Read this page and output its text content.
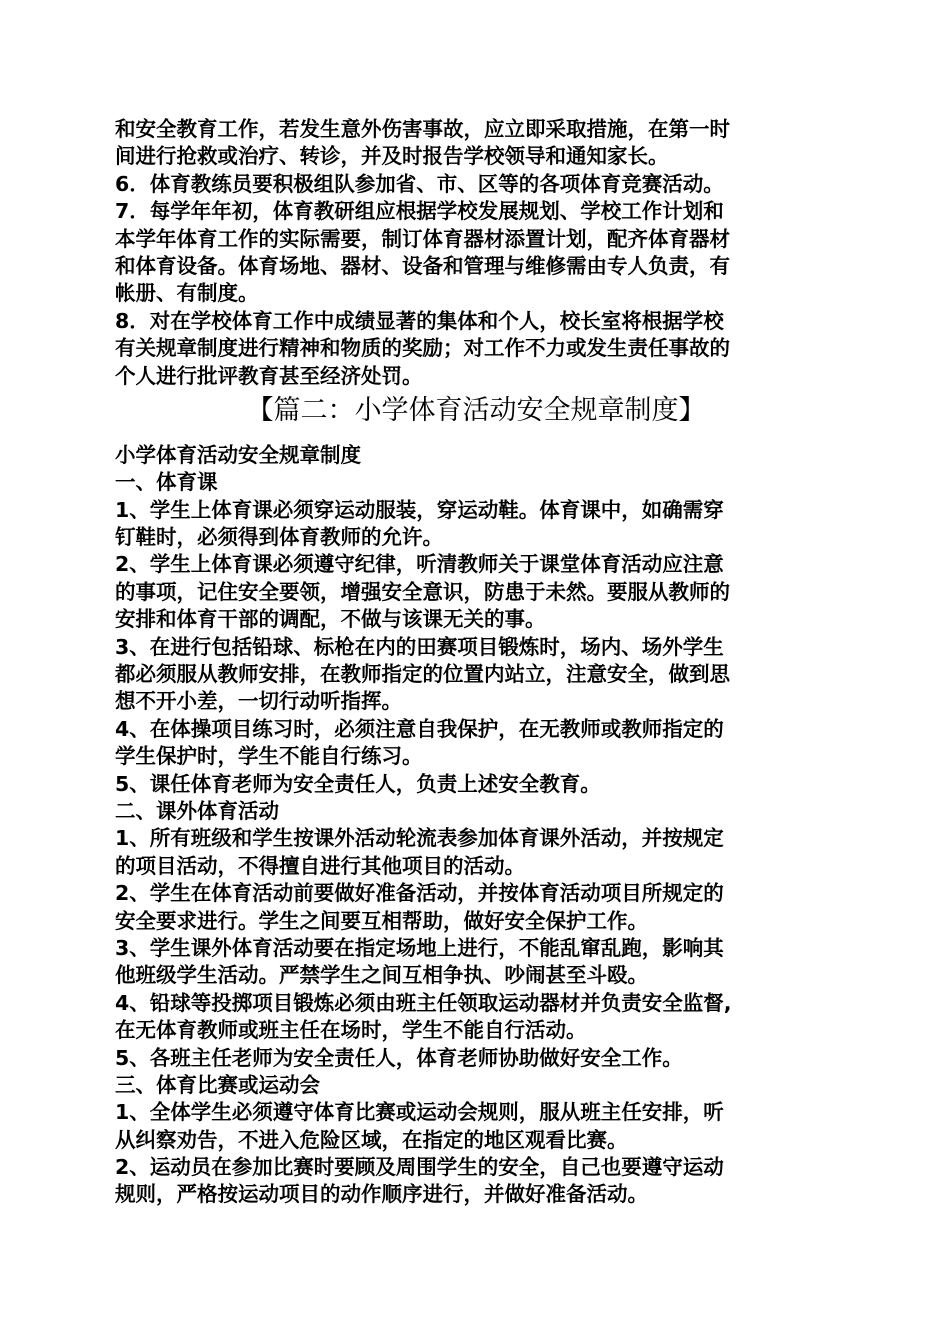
和安全教育工作，若发生意外伤害事故，应立即采取措施，在第一时
间进行抢救或治疗、转诊，并及时报告学校领导和通知家长。
6．体育教练员要积极组队参加省、市、区等的各项体育竞赛活动。
7．每学年年初，体育教研组应根据学校发展规划、学校工作计划和
本学年体育工作的实际需要，制订体育器材添置计划，配齐体育器材
和体育设备。体育场地、器材、设备和管理与维修需由专人负责，有
帐册、有制度。
8．对在学校体育工作中成绩显著的集体和个人，校长室将根据学校
有关规章制度进行精神和物质的奖励；对工作不力或发生责任事故的
个人进行批评教育甚至经济处罚。
【篇二：小学体育活动安全规章制度】
小学体育活动安全规章制度
一、体育课
1、学生上体育课必须穿运动服装，穿运动鞋。体育课中，如确需穿
钉鞋时，必须得到体育教师的允许。
2、学生上体育课必须遵守纪律，听清教师关于课堂体育活动应注意
的事项，记住安全要领，增强安全意识，防患于未然。要服从教师的
安排和体育干部的调配，不做与该课无关的事。
3、在进行包括铅球、标枪在内的田赛项目锻炼时，场内、场外学生
都必须服从教师安排，在教师指定的位置内站立，注意安全，做到思
想不开小差，一切行动听指挥。
4、在体操项目练习时，必须注意自我保护，在无教师或教师指定的
学生保护时，学生不能自行练习。
5、课任体育老师为安全责任人，负责上述安全教育。
二、课外体育活动
1、所有班级和学生按课外活动轮流表参加体育课外活动，并按规定
的项目活动，不得擅自进行其他项目的活动。
2、学生在体育活动前要做好准备活动，并按体育活动项目所规定的
安全要求进行。学生之间要互相帮助，做好安全保护工作。
3、学生课外体育活动要在指定场地上进行，不能乱窜乱跑，影响其
他班级学生活动。严禁学生之间互相争执、吵闹甚至斗殴。
4、铅球等投掷项目锻炼必须由班主任领取运动器材并负责安全监督,
在无体育教师或班主任在场时，学生不能自行活动。
5、各班主任老师为安全责任人，体育老师协助做好安全工作。
三、体育比赛或运动会
1、全体学生必须遵守体育比赛或运动会规则，服从班主任安排，听
从纠察劝告，不进入危险区域，在指定的地区观看比赛。
2、运动员在参加比赛时要顾及周围学生的安全，自己也要遵守运动
规则，严格按运动项目的动作顺序进行，并做好准备活动。
